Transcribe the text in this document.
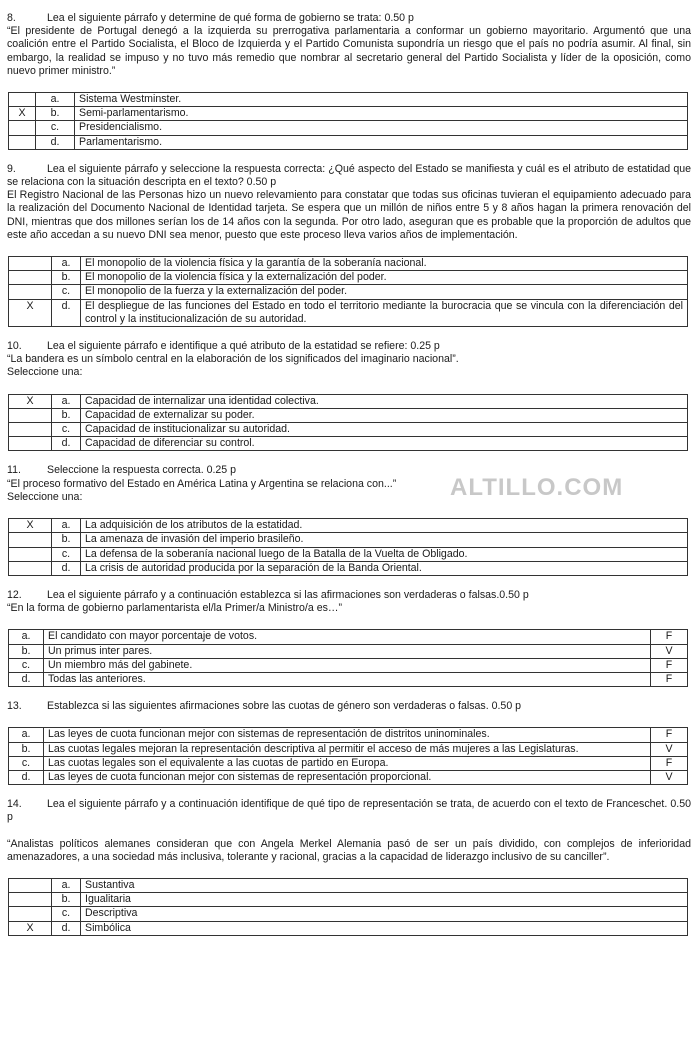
ALTILLO.COM

8.	Lea el siguiente párrafo y determine de qué forma de gobierno se trata: 0.50 p

“El presidente de Portugal denegó a la izquierda su prerrogativa parlamentaria a conformar un gobierno mayoritario. Argumentó que una coalición entre el Partido Socialista, el Bloco de Izquierda y el Partido Comunista supondría un riesgo que el país no podría asumir. Al final, sin embargo, la realidad se impuso y no tuvo más remedio que nombrar al secretario general del Partido Socialista y líder de la oposición, como nuevo primer ministro.”

	a.	Sistema Westminster.
X	b.	Semi-parlamentarismo.
	c.	Presidencialismo.
	d.	Parlamentarismo.

9.	Lea el siguiente párrafo y seleccione la respuesta correcta: ¿Qué aspecto del Estado se manifiesta y cuál es el atributo de estatidad que se relaciona con la situación descripta en el texto? 0.50 p

El Registro Nacional de las Personas hizo un nuevo relevamiento para constatar que todas sus oficinas tuvieran el equipamiento adecuado para la realización del Documento Nacional de Identidad tarjeta. Se espera que un millón de niños entre 5 y 8 años hagan la primera renovación del DNI, mientras que dos millones serían los de 14 años con la segunda. Por otro lado, aseguran que es probable que la proporción de adultos que este año accedan a su nuevo DNI sea menor, puesto que este proceso lleva varios años de implementación.

	a.	El monopolio de la violencia física y la garantía de la soberanía nacional.
	b.	El monopolio de la violencia física y la externalización del poder.
	c.	El monopolio de la fuerza y la externalización del poder.
X	d.	El despliegue de las funciones del Estado en todo el territorio mediante la burocracia que se vincula con la diferenciación del control y la institucionalización de su autoridad.

10. Lea el siguiente párrafo e identifique a qué atributo de la estatidad se refiere: 0.25 p

“La bandera es un símbolo central en la elaboración de los significados del imaginario nacional”.

Seleccione una:

X	a.	Capacidad de internalizar una identidad colectiva.
	b.	Capacidad de externalizar su poder.
	c.	Capacidad de institucionalizar su autoridad.
	d.	Capacidad de diferenciar su control.

11. Seleccione la respuesta correcta. 0.25 p

“El proceso formativo del Estado en América Latina y Argentina se relaciona con...”

Seleccione una:

X	a.	La adquisición de los atributos de la estatidad.
	b.	La amenaza de invasión del imperio brasileño.
	c.	La defensa de la soberanía nacional luego de la Batalla de la Vuelta de Obligado.
	d.	La crisis de autoridad producida por la separación de la Banda Oriental.

12. Lea el siguiente párrafo y a continuación establezca si las afirmaciones son verdaderas o falsas.0.50 p

“En la forma de gobierno parlamentarista el/la Primer/a Ministro/a es…”

a.	El candidato con mayor porcentaje de votos.	F
b.	Un primus inter pares.	V
c.	Un miembro más del gabinete.	F
d.	Todas las anteriores.	F

13. Establezca si las siguientes afirmaciones sobre las cuotas de género son verdaderas o falsas. 0.50 p

a.	Las leyes de cuota funcionan mejor con sistemas de representación de distritos uninominales.	F
b.	Las cuotas legales mejoran la representación descriptiva al permitir el acceso de más mujeres a las Legislaturas.	V
c.	Las cuotas legales son el equivalente a las cuotas de partido en Europa.	F
d.	Las leyes de cuota funcionan mejor con sistemas de representación proporcional.	V

14. Lea el siguiente párrafo y a continuación identifique de qué tipo de representación se trata, de acuerdo con el texto de Franceschet. 0.50 p

“Analistas políticos alemanes consideran que con Angela Merkel Alemania pasó de ser un país dividido, con complejos de inferioridad amenazadores, a una sociedad más inclusiva, tolerante y racional, gracias a la capacidad de liderazgo inclusivo de su canciller”.

	a.	Sustantiva
	b.	Igualitaria
	c.	Descriptiva
X	d.	Simbólica
